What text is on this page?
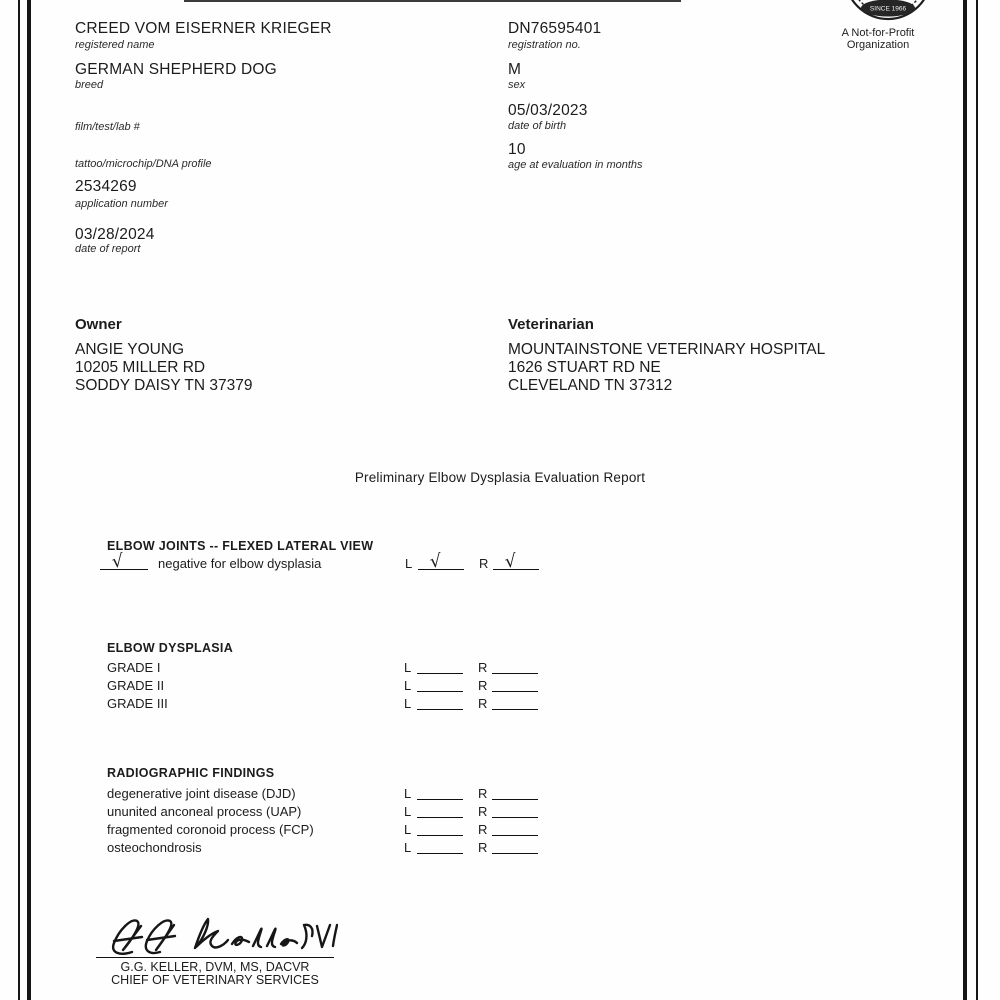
SINCE 1966
A Not-for-Profit
Organization
CREED VOM EISERNER KRIEGER
registered name
GERMAN SHEPHERD DOG
breed
film/test/lab #
tattoo/microchip/DNA profile
2534269
application number
03/28/2024
date of report
DN76595401
registration no.
M
sex
05/03/2023
date of birth
10
age at evaluation in months
Owner
ANGIE YOUNG
10205 MILLER RD
SODDY DAISY TN 37379
Veterinarian
MOUNTAINSTONE VETERINARY HOSPITAL
1626 STUART RD NE
CLEVELAND TN 37312
Preliminary Elbow Dysplasia Evaluation Report
ELBOW JOINTS -- FLEXED LATERAL VIEW
√	negative for elbow dysplasia	L √	R √
ELBOW DYSPLASIA
GRADE I	L	R
GRADE II	L	R
GRADE III	L	R
RADIOGRAPHIC FINDINGS
degenerative joint disease (DJD)	L	R
ununited anconeal process (UAP)	L	R
fragmented coronoid process (FCP)	L	R
osteochondrosis	L	R
G.G. KELLER, DVM, MS, DACVR
CHIEF OF VETERINARY SERVICES
